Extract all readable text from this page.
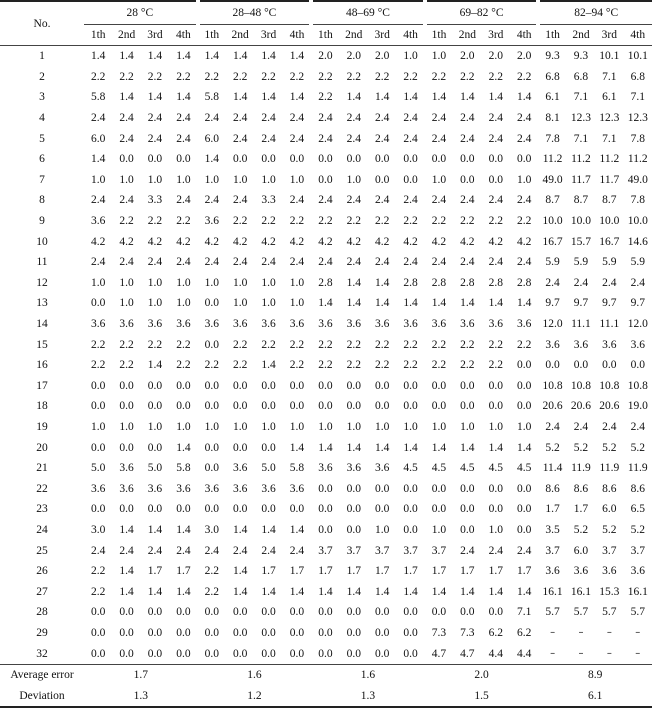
No.	28 °C				28–48 °C				48–69 °C				69–82 °C				82–94 °C			
	1th	2nd	3rd	4th	1th	2nd	3rd	4th	1th	2nd	3rd	4th	1th	2nd	3rd	4th	1th	2nd	3rd	4th
1	1.4	1.4	1.4	1.4	1.4	1.4	1.4	1.4	2.0	2.0	2.0	1.0	1.0	2.0	2.0	2.0	9.3	9.3	10.1	10.1
2	2.2	2.2	2.2	2.2	2.2	2.2	2.2	2.2	2.2	2.2	2.2	2.2	2.2	2.2	2.2	2.2	6.8	6.8	7.1	6.8
3	5.8	1.4	1.4	1.4	5.8	1.4	1.4	1.4	2.2	1.4	1.4	1.4	1.4	1.4	1.4	1.4	6.1	7.1	6.1	7.1
4	2.4	2.4	2.4	2.4	2.4	2.4	2.4	2.4	2.4	2.4	2.4	2.4	2.4	2.4	2.4	2.4	8.1	12.3	12.3	12.3
5	6.0	2.4	2.4	2.4	6.0	2.4	2.4	2.4	2.4	2.4	2.4	2.4	2.4	2.4	2.4	2.4	7.8	7.1	7.1	7.8
6	1.4	0.0	0.0	0.0	1.4	0.0	0.0	0.0	0.0	0.0	0.0	0.0	0.0	0.0	0.0	0.0	11.2	11.2	11.2	11.2
7	1.0	1.0	1.0	1.0	1.0	1.0	1.0	1.0	0.0	1.0	0.0	0.0	1.0	0.0	0.0	1.0	49.0	11.7	11.7	49.0
8	2.4	2.4	3.3	2.4	2.4	2.4	3.3	2.4	2.4	2.4	2.4	2.4	2.4	2.4	2.4	2.4	8.7	8.7	8.7	7.8
9	3.6	2.2	2.2	2.2	3.6	2.2	2.2	2.2	2.2	2.2	2.2	2.2	2.2	2.2	2.2	2.2	10.0	10.0	10.0	10.0
10	4.2	4.2	4.2	4.2	4.2	4.2	4.2	4.2	4.2	4.2	4.2	4.2	4.2	4.2	4.2	4.2	16.7	15.7	16.7	14.6
11	2.4	2.4	2.4	2.4	2.4	2.4	2.4	2.4	2.4	2.4	2.4	2.4	2.4	2.4	2.4	2.4	5.9	5.9	5.9	5.9
12	1.0	1.0	1.0	1.0	1.0	1.0	1.0	1.0	2.8	1.4	1.4	2.8	2.8	2.8	2.8	2.8	2.4	2.4	2.4	2.4
13	0.0	1.0	1.0	1.0	0.0	1.0	1.0	1.0	1.4	1.4	1.4	1.4	1.4	1.4	1.4	1.4	9.7	9.7	9.7	9.7
14	3.6	3.6	3.6	3.6	3.6	3.6	3.6	3.6	3.6	3.6	3.6	3.6	3.6	3.6	3.6	3.6	12.0	11.1	11.1	12.0
15	2.2	2.2	2.2	2.2	0.0	2.2	2.2	2.2	2.2	2.2	2.2	2.2	2.2	2.2	2.2	2.2	3.6	3.6	3.6	3.6
16	2.2	2.2	1.4	2.2	2.2	2.2	1.4	2.2	2.2	2.2	2.2	2.2	2.2	2.2	2.2	0.0	0.0	0.0	0.0	0.0
17	0.0	0.0	0.0	0.0	0.0	0.0	0.0	0.0	0.0	0.0	0.0	0.0	0.0	0.0	0.0	0.0	10.8	10.8	10.8	10.8
18	0.0	0.0	0.0	0.0	0.0	0.0	0.0	0.0	0.0	0.0	0.0	0.0	0.0	0.0	0.0	0.0	20.6	20.6	20.6	19.0
19	1.0	1.0	1.0	1.0	1.0	1.0	1.0	1.0	1.0	1.0	1.0	1.0	1.0	1.0	1.0	1.0	2.4	2.4	2.4	2.4
20	0.0	0.0	0.0	1.4	0.0	0.0	0.0	1.4	1.4	1.4	1.4	1.4	1.4	1.4	1.4	1.4	5.2	5.2	5.2	5.2
21	5.0	3.6	5.0	5.8	0.0	3.6	5.0	5.8	3.6	3.6	3.6	4.5	4.5	4.5	4.5	4.5	11.4	11.9	11.9	11.9
22	3.6	3.6	3.6	3.6	3.6	3.6	3.6	3.6	0.0	0.0	0.0	0.0	0.0	0.0	0.0	0.0	8.6	8.6	8.6	8.6
23	0.0	0.0	0.0	0.0	0.0	0.0	0.0	0.0	0.0	0.0	0.0	0.0	0.0	0.0	0.0	0.0	1.7	1.7	6.0	6.5
24	3.0	1.4	1.4	1.4	3.0	1.4	1.4	1.4	0.0	0.0	1.0	0.0	1.0	0.0	1.0	0.0	3.5	5.2	5.2	5.2
25	2.4	2.4	2.4	2.4	2.4	2.4	2.4	2.4	3.7	3.7	3.7	3.7	3.7	2.4	2.4	2.4	3.7	6.0	3.7	3.7
26	2.2	1.4	1.7	1.7	2.2	1.4	1.7	1.7	1.7	1.7	1.7	1.7	1.7	1.7	1.7	1.7	3.6	3.6	3.6	3.6
27	2.2	1.4	1.4	1.4	2.2	1.4	1.4	1.4	1.4	1.4	1.4	1.4	1.4	1.4	1.4	1.4	16.1	16.1	15.3	16.1
28	0.0	0.0	0.0	0.0	0.0	0.0	0.0	0.0	0.0	0.0	0.0	0.0	0.0	0.0	0.0	7.1	5.7	5.7	5.7	5.7
29	0.0	0.0	0.0	0.0	0.0	0.0	0.0	0.0	0.0	0.0	0.0	0.0	7.3	7.3	6.2	6.2	–	–	–	–
32	0.0	0.0	0.0	0.0	0.0	0.0	0.0	0.0	0.0	0.0	0.0	0.0	4.7	4.7	4.4	4.4	–	–	–	–
Average error	1.7				1.6				1.6				2.0				8.9			
Deviation	1.3				1.2				1.3				1.5				6.1			
